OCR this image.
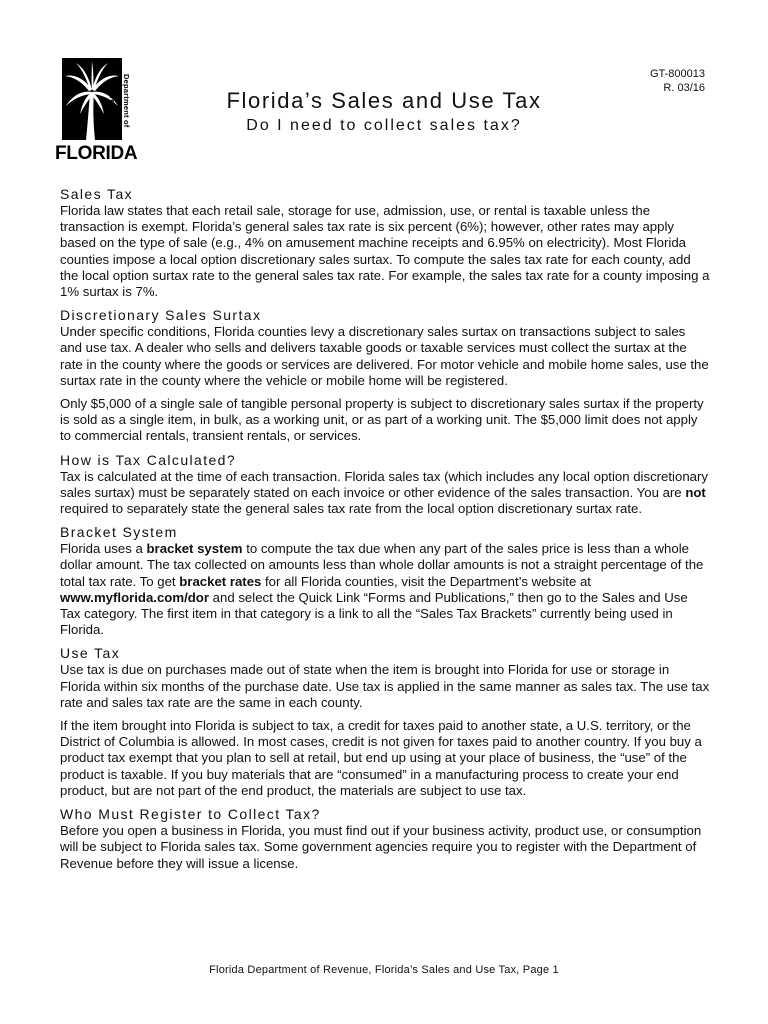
Department of Revenue
FLORIDA
GT-800013
R. 03/16
Florida’s Sales and Use Tax
Do I need to collect sales tax?
Sales Tax

Florida law states that each retail sale, storage for use, admission, use, or rental is taxable unless the transaction is exempt. Florida’s general sales tax rate is six percent (6%); however, other rates may apply based on the type of sale (e.g., 4% on amusement machine receipts and 6.95% on electricity). Most Florida counties impose a local option discretionary sales surtax. To compute the sales tax rate for each county, add the local option surtax rate to the general sales tax rate. For example, the sales tax rate for a county imposing a 1% surtax is 7%.

Discretionary Sales Surtax

Under specific conditions, Florida counties levy a discretionary sales surtax on transactions subject to sales and use tax. A dealer who sells and delivers taxable goods or taxable services must collect the surtax at the rate in the county where the goods or services are delivered. For motor vehicle and mobile home sales, use the surtax rate in the county where the vehicle or mobile home will be registered.

Only $5,000 of a single sale of tangible personal property is subject to discretionary sales surtax if the property is sold as a single item, in bulk, as a working unit, or as part of a working unit. The $5,000 limit does not apply to commercial rentals, transient rentals, or services.

How is Tax Calculated?

Tax is calculated at the time of each transaction. Florida sales tax (which includes any local option discretionary sales surtax) must be separately stated on each invoice or other evidence of the sales transaction. You are not required to separately state the general sales tax rate from the local option discretionary surtax rate.

Bracket System

Florida uses a bracket system to compute the tax due when any part of the sales price is less than a whole dollar amount. The tax collected on amounts less than whole dollar amounts is not a straight percentage of the total tax rate. To get bracket rates for all Florida counties, visit the Department’s website at www.myflorida.com/dor and select the Quick Link “Forms and Publications,” then go to the Sales and Use Tax category. The first item in that category is a link to all the “Sales Tax Brackets” currently being used in Florida.

Use Tax

Use tax is due on purchases made out of state when the item is brought into Florida for use or storage in Florida within six months of the purchase date. Use tax is applied in the same manner as sales tax. The use tax rate and sales tax rate are the same in each county.

If the item brought into Florida is subject to tax, a credit for taxes paid to another state, a U.S. territory, or the District of Columbia is allowed. In most cases, credit is not given for taxes paid to another country. If you buy a product tax exempt that you plan to sell at retail, but end up using at your place of business, the “use” of the product is taxable. If you buy materials that are “consumed” in a manufacturing process to create your end product, but are not part of the end product, the materials are subject to use tax.

Who Must Register to Collect Tax?

Before you open a business in Florida, you must find out if your business activity, product use, or consumption will be subject to Florida sales tax. Some government agencies require you to register with the Department of Revenue before they will issue a license.

Florida Department of Revenue, Florida’s Sales and Use Tax, Page 1
